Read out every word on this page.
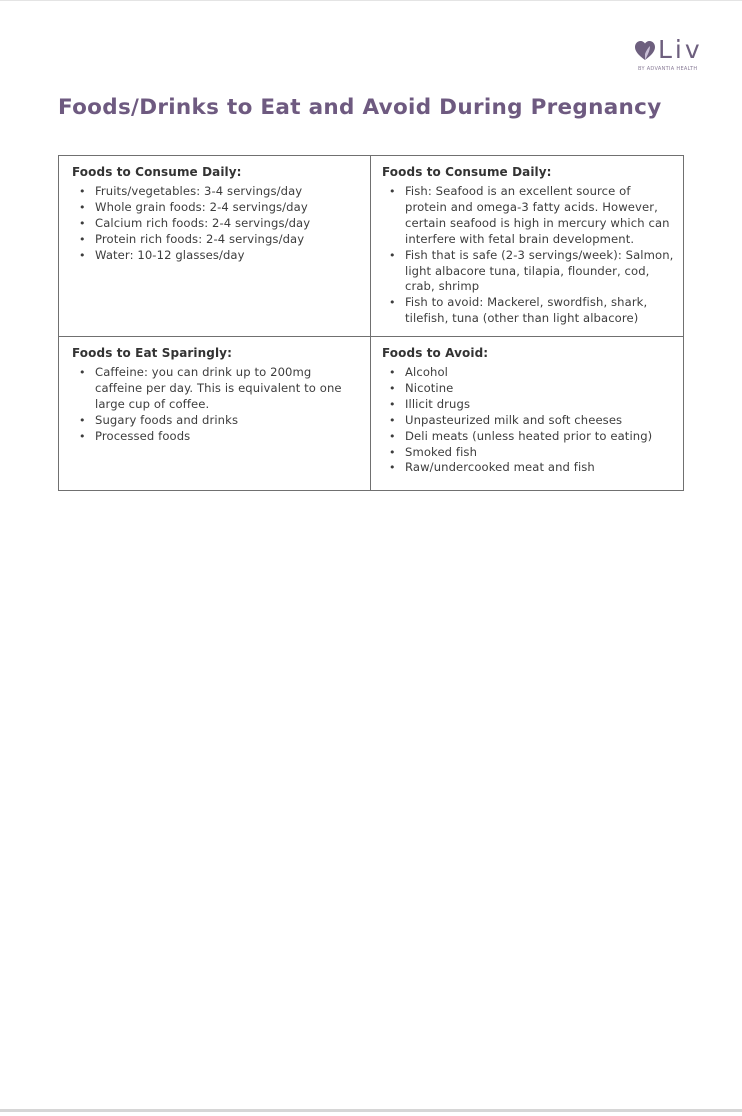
Liv
BY ADVANTIA HEALTH
Foods/Drinks to Eat and Avoid During Pregnancy
Foods to Consume Daily:
• Fruits/vegetables: 3-4 servings/day
• Whole grain foods: 2-4 servings/day
• Calcium rich foods: 2-4 servings/day
• Protein rich foods: 2-4 servings/day
• Water: 10-12 glasses/day
Foods to Consume Daily:
• Fish: Seafood is an excellent source of protein and omega-3 fatty acids. However, certain seafood is high in mercury which can interfere with fetal brain development.
• Fish that is safe (2-3 servings/week): Salmon, light albacore tuna, tilapia, flounder, cod, crab, shrimp
• Fish to avoid: Mackerel, swordfish, shark, tilefish, tuna (other than light albacore)
Foods to Eat Sparingly:
• Caffeine: you can drink up to 200mg caffeine per day. This is equivalent to one large cup of coffee.
• Sugary foods and drinks
• Processed foods
Foods to Avoid:
• Alcohol
• Nicotine
• Illicit drugs
• Unpasteurized milk and soft cheeses
• Deli meats (unless heated prior to eating)
• Smoked fish
• Raw/undercooked meat and fish
